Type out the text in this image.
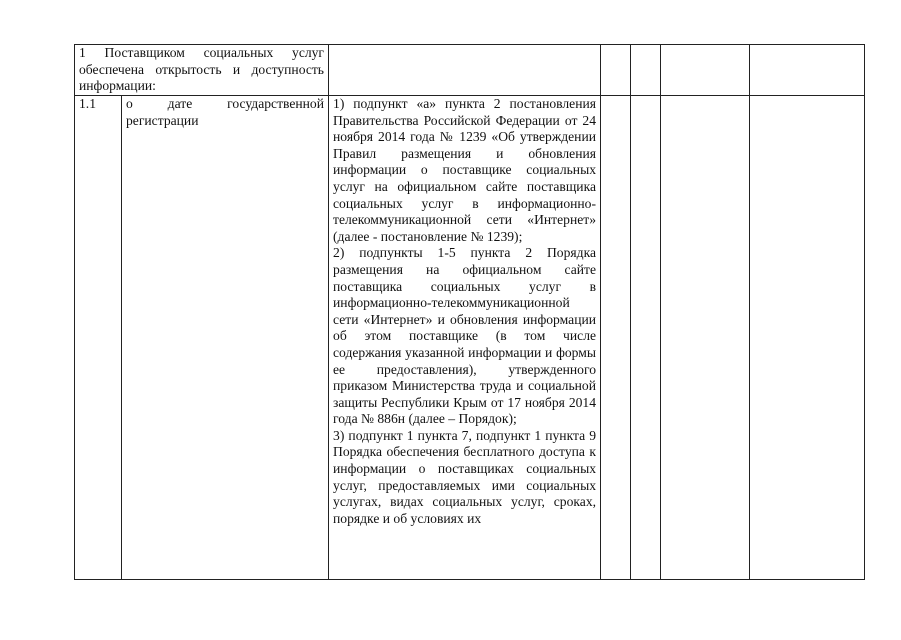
1 Поставщиком социальных услуг обеспечена открытость и доступность информации:						

1.1	о дате государственной регистрации	1) подпункт «а» пункта 2 постановления Правительства Российской Федерации от 24 ноября 2014 года № 1239 «Об утверждении Правил размещения и обновления информации о поставщике социальных услуг на официальном сайте поставщика социальных услуг в информационно-телекоммуникационной сети «Интернет» (далее - постановление № 1239);
2) подпункты 1-5 пункта 2 Порядка размещения на официальном сайте поставщика социальных услуг в информационно-телекоммуникационной сети «Интернет» и обновления информации об этом поставщике (в том числе содержания указанной информации и формы ее предоставления), утвержденного приказом Министерства труда и социальной защиты Республики Крым от 17 ноября 2014 года № 886н (далее – Порядок);
3) подпункт 1 пункта 7, подпункт 1 пункта 9 Порядка обеспечения бесплатного доступа к информации о поставщиках социальных услуг, предоставляемых ими социальных услугах, видах социальных услуг, сроках, порядке и об условиях их				
